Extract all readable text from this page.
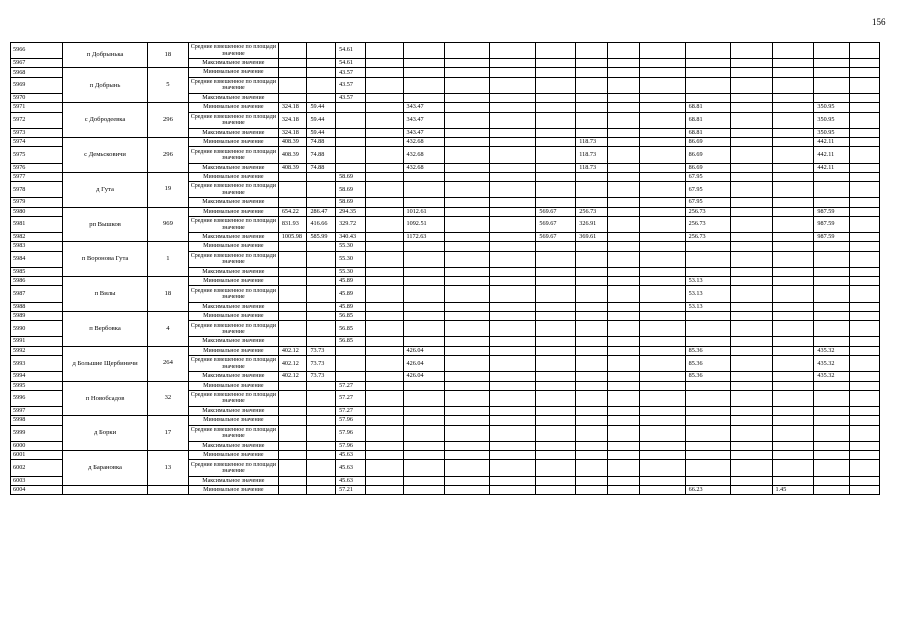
156
5966	п Добрынька	18	Средние взвешенное по площади значение			54.61													
5967			Максимальное значение			54.61													
5968	п Добрынь	5	Минимальное значение			43.57													
5969			Средние взвешенное по площади значение			43.57													
5970			Максимальное значение			43.57													
5971	с Добродеевка	296	Минимальное значение	324.18	59.44			343.47							68.81			350.95	
5972			Средние взвешенное по площади значение	324.18	59.44			343.47							68.81			350.95	
5973			Максимальное значение	324.18	59.44			343.47							68.81			350.95	
5974	с Демьсковичи	296	Минимальное значение	408.39	74.88			432.68				118.73			86.69			442.11	
5975			Средние взвешенное по площади значение	408.39	74.88			432.68				118.73			86.69			442.11	
5976			Максимальное значение	408.39	74.88			432.68				118.73			86.69			442.11	
5977	д Гута	19	Минимальное значение			58.69									67.95				
5978			Средние взвешенное по площади значение			58.69									67.95				
5979			Максимальное значение			58.69									67.95				
5980	рп Вышков	969	Минимальное значение	654.22	286.47	294.35		1012.61			569.67	256.73			256.73			987.59	
5981			Средние взвешенное по площади значение	831.93	416.66	329.72		1092.51			569.67	326.91			256.73			987.59	
5982			Максимальное значение	1005.98	585.99	340.43		1172.63			569.67	369.61			256.73			987.59	
5983	п Воронова Гута	1	Минимальное значение			55.30													
5984			Средние взвешенное по площади значение			55.30													
5985			Максимальное значение			55.30													
5986	п Вилы	18	Минимальное значение			45.89									53.13				
5987			Средние взвешенное по площади значение			45.89									53.13				
5988			Максимальное значение			45.89									53.13				
5989	п Вербовка	4	Минимальное значение			56.85													
5990			Средние взвешенное по площади значение			56.85													
5991			Максимальное значение			56.85													
5992	д Большие Щербиничи	264	Минимальное значение	402.12	73.73			426.04							85.36			435.32	
5993			Средние взвешенное по площади значение	402.12	73.73			426.04							85.36			435.32	
5994			Максимальное значение	402.12	73.73			426.04							85.36			435.32	
5995	п Новобсадов	32	Минимальное значение			57.27													
5996			Средние взвешенное по площади значение			57.27													
5997			Максимальное значение			57.27													
5998	д Борки	17	Минимальное значение			57.96													
5999			Средние взвешенное по площади значение			57.96													
6000			Максимальное значение			57.96													
6001	д Барановка	13	Минимальное значение			45.63													
6002			Средние взвешенное по площади значение			45.63													
6003			Максимальное значение			45.63													
6004			Минимальное значение			57.21									66.23		1.45		
